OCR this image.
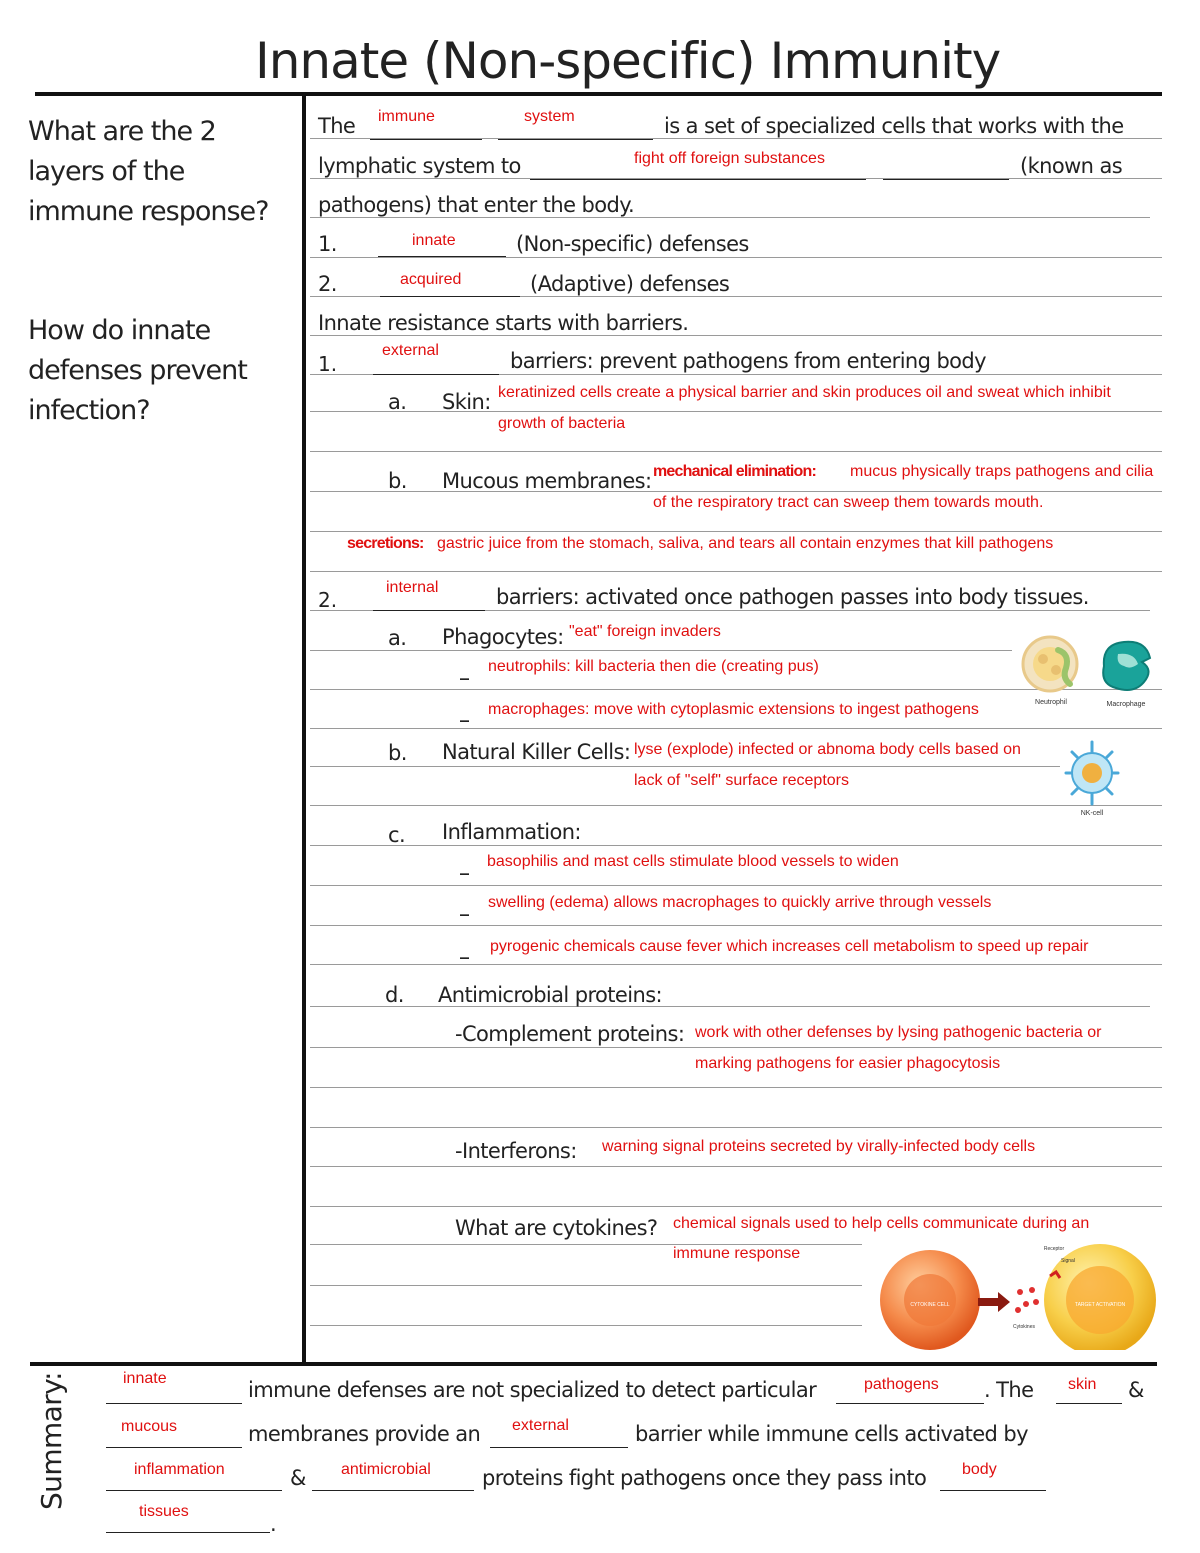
Innate (Non-specific) Immunity
What are the 2 layers of the immune response?
How do innate defenses prevent infection?
The immune	system	is a set of specialized cells that works with the
lymphatic system to	fight off foreign substances	(known as
pathogens) that enter the body.
1.	innate	(Non-specific) defenses
2.	acquired	(Adaptive) defenses
Innate resistance starts with barriers.
1.
external	barriers: prevent pathogens from entering body
a. Skin: keratinized cells create a physical barrier and skin produces oil and sweat which inhibit
growth of bacteria
b. Mucous membranes: mechanical elimination: mucus physically traps pathogens and cilia
of the respiratory tract can sweep them towards mouth.
secretions: gastric juice from the stomach, saliva, and tears all contain enzymes that kill pathogens
2.
internal	barriers: activated once pathogen passes into body tissues.
a. Phagocytes: "eat" foreign invaders
_ neutrophils: kill bacteria then die (creating pus)
_ macrophages: move with cytoplasmic extensions to ingest pathogens	Neutrophil	Macrophage
b. Natural Killer Cells: lyse (explode) infected or abnoma body cells based on
lack of "self" surface receptors
NK-cell
c. Inflammation:
_ basophilis and mast cells stimulate blood vessels to widen
_ swelling (edema) allows macrophages to quickly arrive through vessels
_ pyrogenic chemicals cause fever which increases cell metabolism to speed up repair
d. Antimicrobial proteins:
-Complement proteins: work with other defenses by lysing pathogenic bacteria or
marking pathogens for easier phagocytosis
-Interferons: warning signal proteins secreted by virally-infected body cells
What are cytokines? chemical signals used to help cells communicate during an
immune response
CYTOKINE CELL
Cytokines
TARGET ACTIVATION
Receptor
Signal
Summary:	innate	immune defenses are not specialized to detect particular	pathogens . The skin &
mucous	membranes provide an external	barrier while immune cells activated by
inflammation	& antimicrobial proteins fight pathogens once they pass into body
tissues
.
